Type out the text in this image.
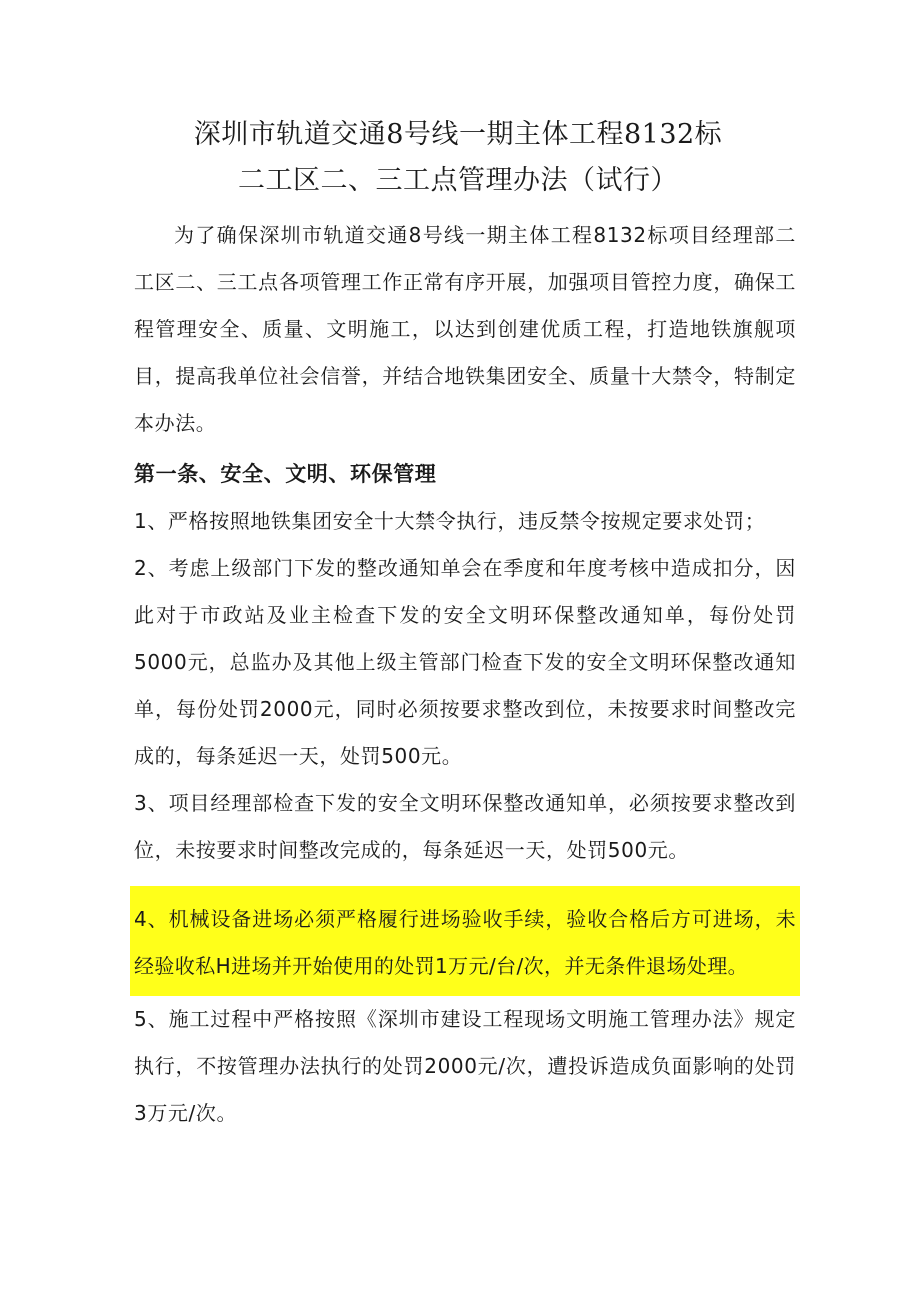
深圳市轨道交通8号线一期主体工程8132标
二工区二、三工点管理办法（试行）

为了确保深圳市轨道交通8号线一期主体工程8132标项目经理部二工区二、三工点各项管理工作正常有序开展，加强项目管控力度，确保工程管理安全、质量、文明施工，以达到创建优质工程，打造地铁旗舰项目，提高我单位社会信誉，并结合地铁集团安全、质量十大禁令，特制定本办法。

第一条、安全、文明、环保管理

1、严格按照地铁集团安全十大禁令执行，违反禁令按规定要求处罚；

2、考虑上级部门下发的整改通知单会在季度和年度考核中造成扣分，因此对于市政站及业主检查下发的安全文明环保整改通知单，每份处罚5000元，总监办及其他上级主管部门检查下发的安全文明环保整改通知单，每份处罚2000元，同时必须按要求整改到位，未按要求时间整改完成的，每条延迟一天，处罚500元。

3、项目经理部检查下发的安全文明环保整改通知单，必须按要求整改到位，未按要求时间整改完成的，每条延迟一天，处罚500元。

4、机械设备进场必须严格履行进场验收手续，验收合格后方可进场，未经验收私H进场并开始使用的处罚1万元/台/次，并无条件退场处理。

5、施工过程中严格按照《深圳市建设工程现场文明施工管理办法》规定执行，不按管理办法执行的处罚2000元/次，遭投诉造成负面影响的处罚3万元/次。
